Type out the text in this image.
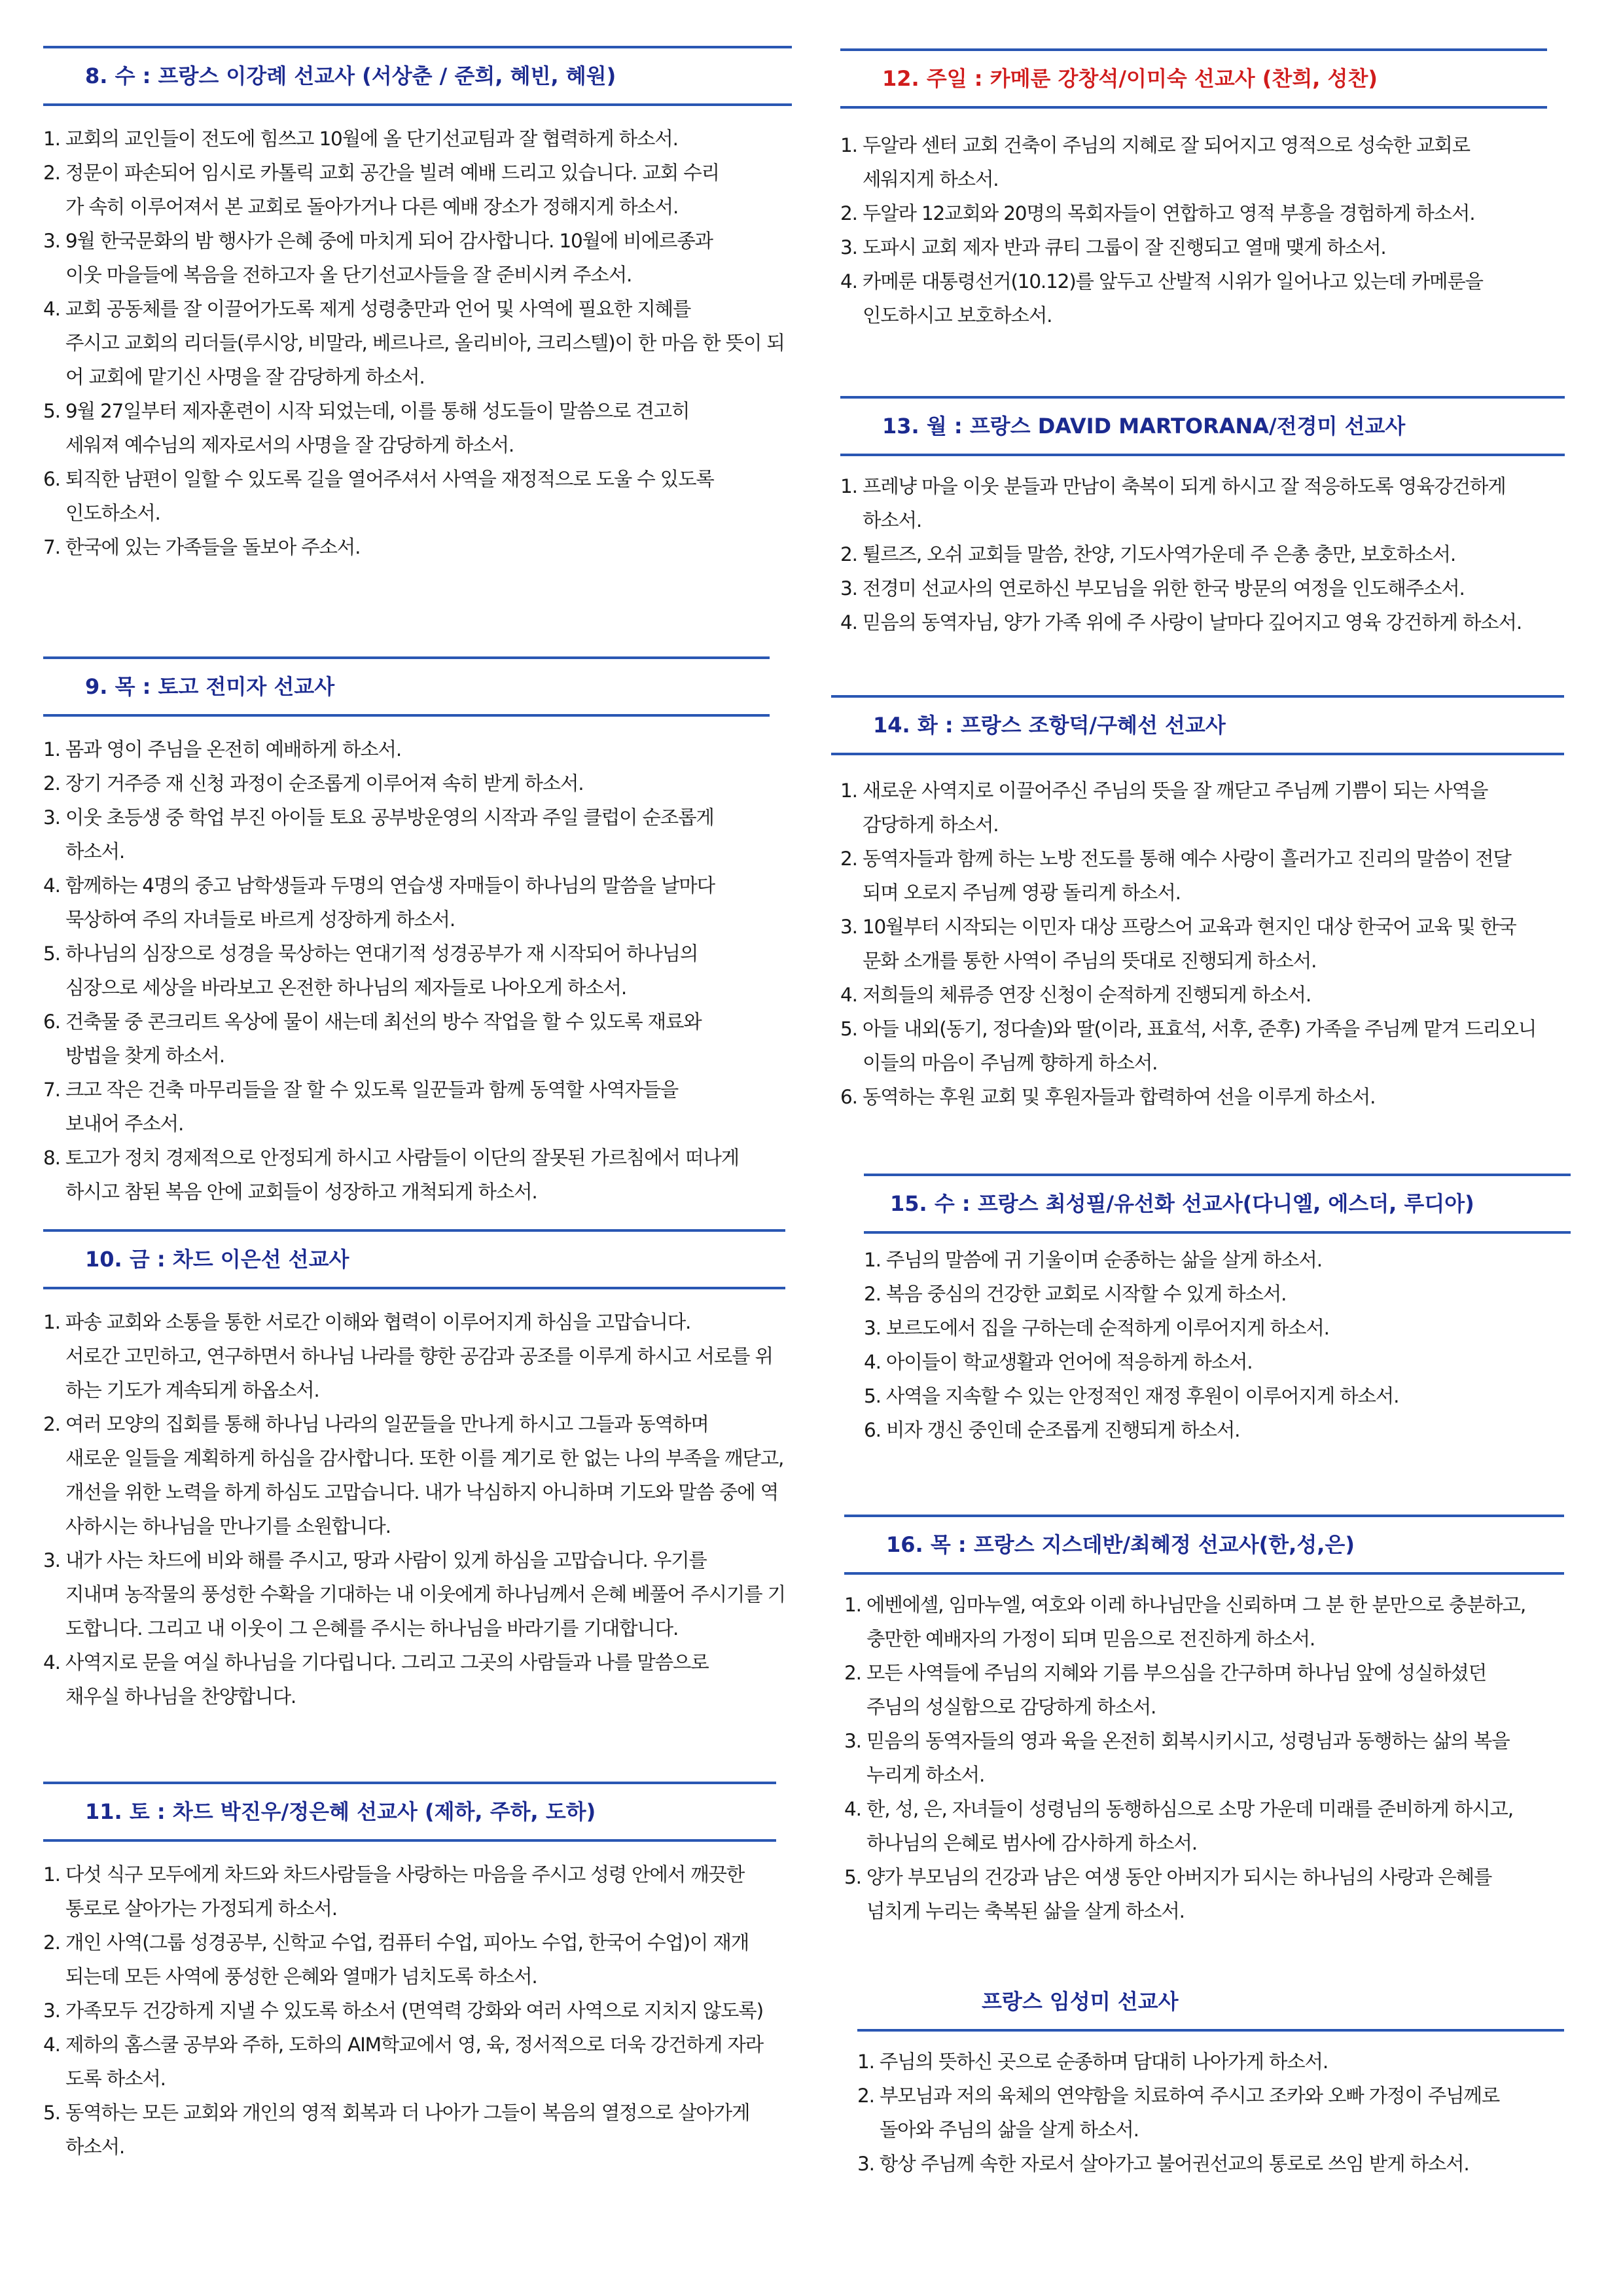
8. 수 : 프랑스 이강례 선교사 (서상춘 / 준희, 혜빈, 혜원)
1. 교회의 교인들이 전도에 힘쓰고 10월에 올 단기선교팀과 잘 협력하게 하소서.
2. 정문이 파손되어 임시로 카톨릭 교회 공간을 빌려 예배 드리고 있습니다. 교회 수리
가 속히 이루어져서 본 교회로 돌아가거나 다른 예배 장소가 정해지게 하소서.
3. 9월 한국문화의 밤 행사가 은혜 중에 마치게 되어 감사합니다. 10월에 비에르종과
이웃 마을들에 복음을 전하고자 올 단기선교사들을 잘 준비시켜 주소서.
4. 교회 공동체를 잘 이끌어가도록 제게 성령충만과 언어 및 사역에 필요한 지혜를
주시고 교회의 리더들(루시앙, 비말라, 베르나르, 올리비아, 크리스텔)이 한 마음 한 뜻이 되어 교회에 맡기신 사명을 잘 감당하게 하소서.
5. 9월 27일부터 제자훈련이 시작 되었는데, 이를 통해 성도들이 말씀으로 견고히
세워져 예수님의 제자로서의 사명을 잘 감당하게 하소서.
6. 퇴직한 남편이 일할 수 있도록 길을 열어주셔서 사역을 재정적으로 도울 수 있도록
인도하소서.
7. 한국에 있는 가족들을 돌보아 주소서.
9. 목 : 토고 전미자 선교사
1. 몸과 영이 주님을 온전히 예배하게 하소서.
2. 장기 거주증 재 신청 과정이 순조롭게 이루어져 속히 받게 하소서.
3. 이웃 초등생 중 학업 부진 아이들 토요 공부방운영의 시작과 주일 클럽이 순조롭게
하소서.
4. 함께하는 4명의 중고 남학생들과 두명의 연습생 자매들이 하나님의 말씀을 날마다
묵상하여 주의 자녀들로 바르게 성장하게 하소서.
5. 하나님의 심장으로 성경을 묵상하는 연대기적 성경공부가 재 시작되어 하나님의
심장으로 세상을 바라보고 온전한 하나님의 제자들로 나아오게 하소서.
6. 건축물 중 콘크리트 옥상에 물이 새는데 최선의 방수 작업을 할 수 있도록 재료와
방법을 찾게 하소서.
7. 크고 작은 건축 마무리들을 잘 할 수 있도록 일꾼들과 함께 동역할 사역자들을
보내어 주소서.
8. 토고가 정치 경제적으로 안정되게 하시고 사람들이 이단의 잘못된 가르침에서 떠나게
하시고 참된 복음 안에 교회들이 성장하고 개척되게 하소서.
10. 금 : 차드 이은선 선교사
1. 파송 교회와 소통을 통한 서로간 이해와 협력이 이루어지게 하심을 고맙습니다.
서로간 고민하고, 연구하면서 하나님 나라를 향한 공감과 공조를 이루게 하시고 서로를 위하는 기도가 계속되게 하옵소서.
2. 여러 모양의 집회를 통해 하나님 나라의 일꾼들을 만나게 하시고 그들과 동역하며
새로운 일들을 계획하게 하심을 감사합니다. 또한 이를 계기로 한 없는 나의 부족을 깨닫고, 개선을 위한 노력을 하게 하심도 고맙습니다. 내가 낙심하지 아니하며 기도와 말씀 중에 역사하시는 하나님을 만나기를 소원합니다.
3. 내가 사는 차드에 비와 해를 주시고, 땅과 사람이 있게 하심을 고맙습니다. 우기를
지내며 농작물의 풍성한 수확을 기대하는 내 이웃에게 하나님께서 은혜 베풀어 주시기를 기도합니다. 그리고 내 이웃이 그 은혜를 주시는 하나님을 바라기를 기대합니다.
4. 사역지로 문을 여실 하나님을 기다립니다. 그리고 그곳의 사람들과 나를 말씀으로
채우실 하나님을 찬양합니다.
11. 토 : 차드 박진우/정은혜 선교사 (제하, 주하, 도하)
1. 다섯 식구 모두에게 차드와 차드사람들을 사랑하는 마음을 주시고 성령 안에서 깨끗한
통로로 살아가는 가정되게 하소서.
2. 개인 사역(그룹 성경공부, 신학교 수업, 컴퓨터 수업, 피아노 수업, 한국어 수업)이 재개
되는데 모든 사역에 풍성한 은혜와 열매가 넘치도록 하소서.
3. 가족모두 건강하게 지낼 수 있도록 하소서 (면역력 강화와 여러 사역으로 지치지 않도록)
4. 제하의 홈스쿨 공부와 주하, 도하의 AIM학교에서 영, 육, 정서적으로 더욱 강건하게 자라
도록 하소서.
5. 동역하는 모든 교회와 개인의 영적 회복과 더 나아가 그들이 복음의 열정으로 살아가게
하소서.
12. 주일 : 카메룬 강창석/이미숙 선교사 (찬희, 성찬)
1. 두알라 센터 교회 건축이 주님의 지혜로 잘 되어지고 영적으로 성숙한 교회로
세워지게 하소서.
2. 두알라 12교회와 20명의 목회자들이 연합하고 영적 부흥을 경험하게 하소서.
3. 도파시 교회 제자 반과 큐티 그룹이 잘 진행되고 열매 맺게 하소서.
4. 카메룬 대통령선거(10.12)를 앞두고 산발적 시위가 일어나고 있는데 카메룬을
인도하시고 보호하소서.
13. 월 : 프랑스 DAVID MARTORANA/전경미 선교사
1. 프레냥 마을 이웃 분들과 만남이 축복이 되게 하시고 잘 적응하도록 영육강건하게
하소서.
2. 튈르즈, 오쉬 교회들 말씀, 찬양, 기도사역가운데 주 은총 충만, 보호하소서.
3. 전경미 선교사의 연로하신 부모님을 위한 한국 방문의 여정을 인도해주소서.
4. 믿음의 동역자님, 양가 가족 위에 주 사랑이 날마다 깊어지고 영육 강건하게 하소서.
14. 화 : 프랑스 조항덕/구혜선 선교사
1. 새로운 사역지로 이끌어주신 주님의 뜻을 잘 깨닫고 주님께 기쁨이 되는 사역을
감당하게 하소서.
2. 동역자들과 함께 하는 노방 전도를 통해 예수 사랑이 흘러가고 진리의 말씀이 전달
되며 오로지 주님께 영광 돌리게 하소서.
3. 10월부터 시작되는 이민자 대상 프랑스어 교육과 현지인 대상 한국어 교육 및 한국
문화 소개를 통한 사역이 주님의 뜻대로 진행되게 하소서.
4. 저희들의 체류증 연장 신청이 순적하게 진행되게 하소서.
5. 아들 내외(동기, 정다솔)와 딸(이라, 표효석, 서후, 준후) 가족을 주님께 맡겨 드리오니
이들의 마음이 주님께 향하게 하소서.
6. 동역하는 후원 교회 및 후원자들과 합력하여 선을 이루게 하소서.
15. 수 : 프랑스 최성필/유선화 선교사(다니엘, 에스더, 루디아)
1. 주님의 말씀에 귀 기울이며 순종하는 삶을 살게 하소서.
2. 복음 중심의 건강한 교회로 시작할 수 있게 하소서.
3. 보르도에서 집을 구하는데 순적하게 이루어지게 하소서.
4. 아이들이 학교생활과 언어에 적응하게 하소서.
5. 사역을 지속할 수 있는 안정적인 재정 후원이 이루어지게 하소서.
6. 비자 갱신 중인데 순조롭게 진행되게 하소서.
16. 목 : 프랑스 지스데반/최혜정 선교사(한,성,은)
1. 에벤에셀, 임마누엘, 여호와 이레 하나님만을 신뢰하며 그 분 한 분만으로 충분하고,
충만한 예배자의 가정이 되며 믿음으로 전진하게 하소서.
2. 모든 사역들에 주님의 지혜와 기름 부으심을 간구하며 하나님 앞에 성실하셨던
주님의 성실함으로 감당하게 하소서.
3. 믿음의 동역자들의 영과 육을 온전히 회복시키시고, 성령님과 동행하는 삶의 복을
누리게 하소서.
4. 한, 성, 은, 자녀들이 성령님의 동행하심으로 소망 가운데 미래를 준비하게 하시고,
하나님의 은혜로 범사에 감사하게 하소서.
5. 양가 부모님의 건강과 남은 여생 동안 아버지가 되시는 하나님의 사랑과 은혜를
넘치게 누리는 축복된 삶을 살게 하소서.
프랑스 임성미 선교사
1. 주님의 뜻하신 곳으로 순종하며 담대히 나아가게 하소서.
2. 부모님과 저의 육체의 연약함을 치료하여 주시고 조카와 오빠 가정이 주님께로
돌아와 주님의 삶을 살게 하소서.
3. 항상 주님께 속한 자로서 살아가고 불어권선교의 통로로 쓰임 받게 하소서.
